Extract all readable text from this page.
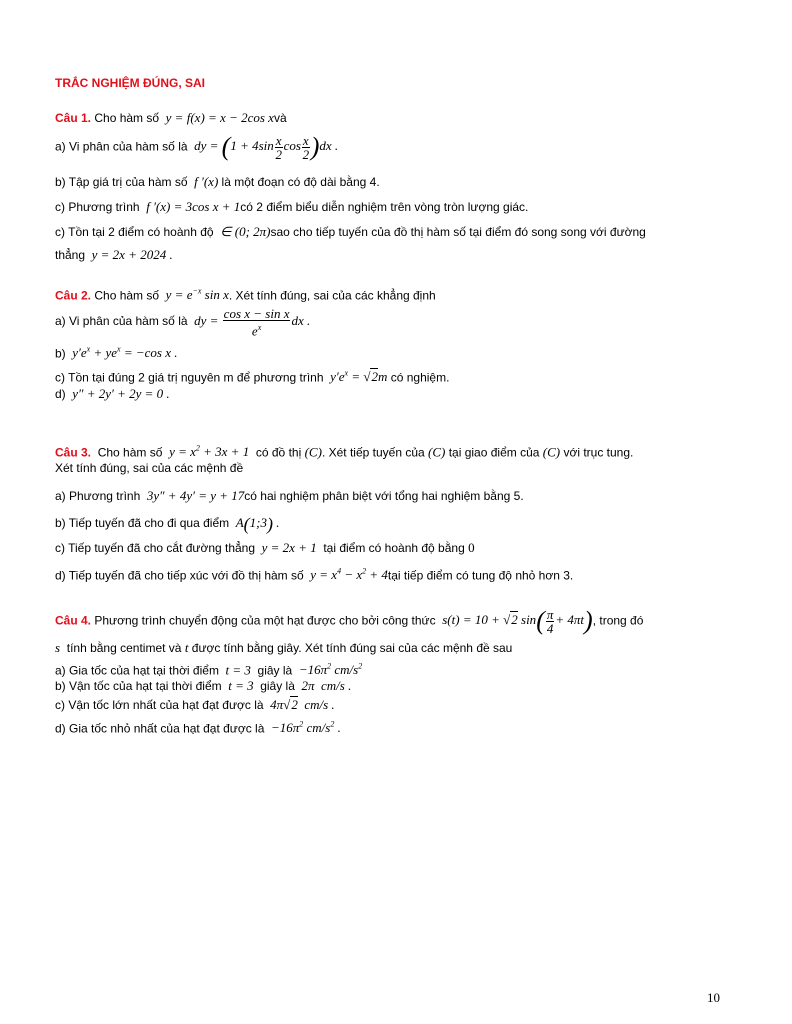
TRẮC NGHIỆM ĐÚNG, SAI
Câu 1. Cho hàm số  y = f(x) = x − 2cos xvà
a) Vi phân của hàm số là  dy = ($1 + 4\sin \frac{x}{2}$ $\cos \frac{x}{2} )dx$ .
b) Tập giá trị của hàm số  f ′(x) là một đoạn có độ dài bằng 4.
c) Phương trình  f ′(x) = 3cos x + 1có 2 điểm biểu diễn nghiệm trên vòng tròn lượng giác.
c) Tồn tại 2 điểm có hoành độ  ∈ (0; 2π)sao cho tiếp tuyến của đồ thị hàm số tại điểm đó song song với đường
thẳng  y = 2x + 2024 .
Câu 2. Cho hàm số  $y = e^{-x}$ sin x. Xét tính đúng, sai của các khẳng định
a) Vi phân của hàm số là  dy = $\frac{\text{cos x − sin x}}{e^x}$ dx .
b)  $y'e^x + ye^x = -\cos$ x .
c) Tồn tại đúng 2 giá trị nguyên m để phương trình  $y'e^x = √2m$ có nghiệm.
d)  y″ + 2y′ + 2y = 0 .
Câu 3. Cho hàm số $y = x^2 + 3x + 1$ có đồ thị (C). Xét tiếp tuyến của (C) tại giao điểm của (C) với trục tung.
Xét tính đúng, sai của các mệnh đề
a) Phương trình  3y″ + 4y′ = y + 17có hai nghiệm phân biệt với tổng hai nghiệm bằng 5.
b) Tiếp tuyến đã cho đi qua điểm  A(1;3) .
c) Tiếp tuyến đã cho cắt đường thẳng  y = 2x + 1  tại điểm có hoành độ bằng 0
d) Tiếp tuyến đã cho tiếp xúc với đồ thị hàm số  $y = x^4 - x^2$ + 4tại tiếp điểm có tung độ nhỏ hơn 3.
Câu 4. Phương trình chuyển động của một hạt được cho bởi công thức  s(t) = 10 + √2 $\sin( \frac{\pi}{4} + 4\pi t)$, trong đó
s tính bằng centimet và t được tính bằng giây. Xét tính đúng sai của các mệnh đề sau
a) Gia tốc của hạt tại thời điểm  t = 3  giây là  $-16\pi^2$ $cm/s^2$
b) Vận tốc của hạt tại thời điểm  t = 3  giây là  2π  cm/s .
c) Vận tốc lớn nhất của hạt đạt được là  4π√2 cm/s .
d) Gia tốc nhỏ nhất của hạt đạt được là  $-16\pi^2$ $cm/s^2$ .
10
